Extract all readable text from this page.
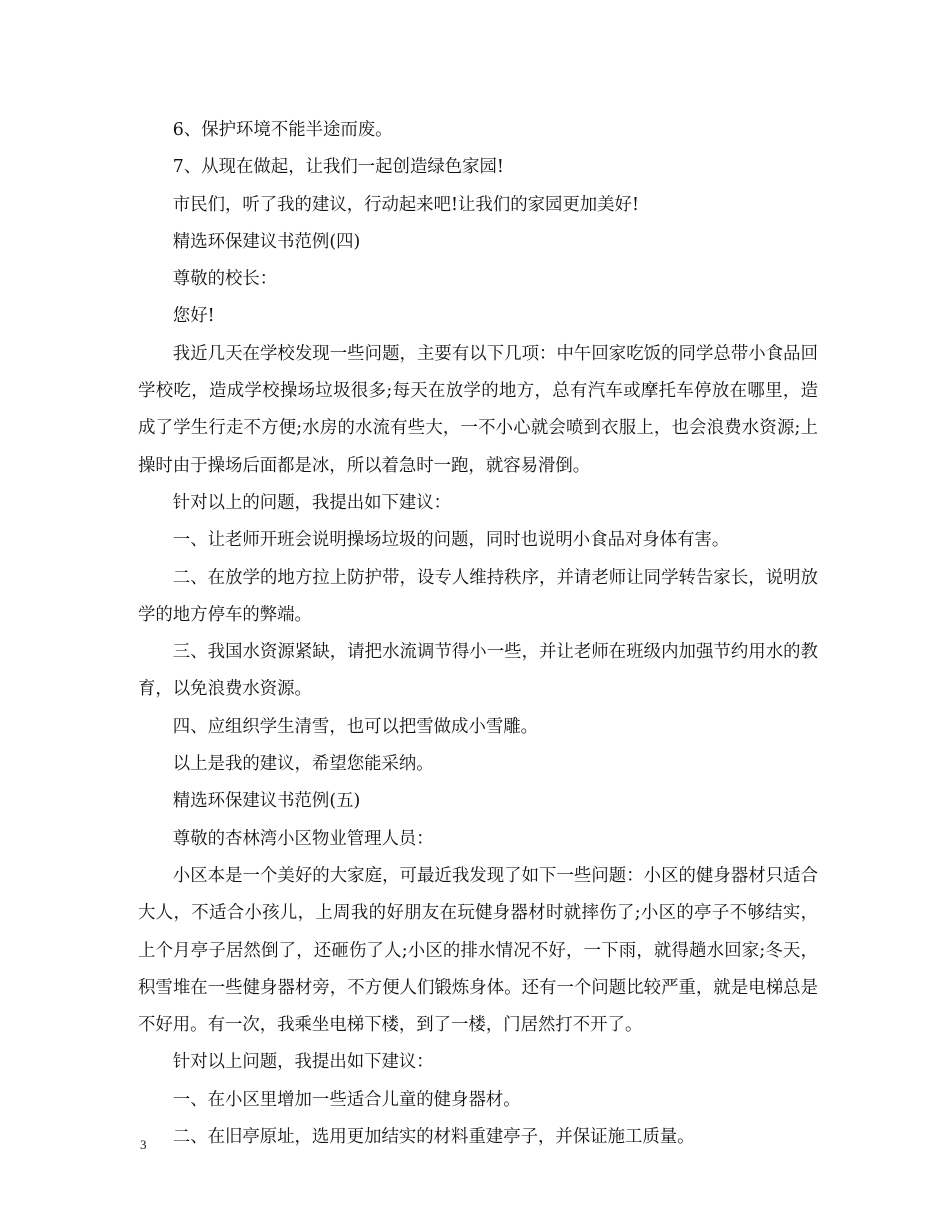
6、保护环境不能半途而废。

7、从现在做起，让我们一起创造绿色家园!

市民们，听了我的建议，行动起来吧!让我们的家园更加美好!

精选环保建议书范例(四)

尊敬的校长：

您好!

我近几天在学校发现一些问题，主要有以下几项：中午回家吃饭的同学总带小食品回学校吃，造成学校操场垃圾很多;每天在放学的地方，总有汽车或摩托车停放在哪里，造成了学生行走不方便;水房的水流有些大，一不小心就会喷到衣服上，也会浪费水资源;上操时由于操场后面都是冰，所以着急时一跑，就容易滑倒。

针对以上的问题，我提出如下建议：

一、让老师开班会说明操场垃圾的问题，同时也说明小食品对身体有害。

二、在放学的地方拉上防护带，设专人维持秩序，并请老师让同学转告家长，说明放学的地方停车的弊端。

三、我国水资源紧缺，请把水流调节得小一些，并让老师在班级内加强节约用水的教育，以免浪费水资源。

四、应组织学生清雪，也可以把雪做成小雪雕。

以上是我的建议，希望您能采纳。

精选环保建议书范例(五)

尊敬的杏林湾小区物业管理人员：

小区本是一个美好的大家庭，可最近我发现了如下一些问题：小区的健身器材只适合大人，不适合小孩儿，上周我的好朋友在玩健身器材时就摔伤了;小区的亭子不够结实，上个月亭子居然倒了，还砸伤了人;小区的排水情况不好，一下雨，就得趟水回家;冬天，积雪堆在一些健身器材旁，不方便人们锻炼身体。还有一个问题比较严重，就是电梯总是不好用。有一次，我乘坐电梯下楼，到了一楼，门居然打不开了。

针对以上问题，我提出如下建议：

一、在小区里增加一些适合儿童的健身器材。

二、在旧亭原址，选用更加结实的材料重建亭子，并保证施工质量。

3
